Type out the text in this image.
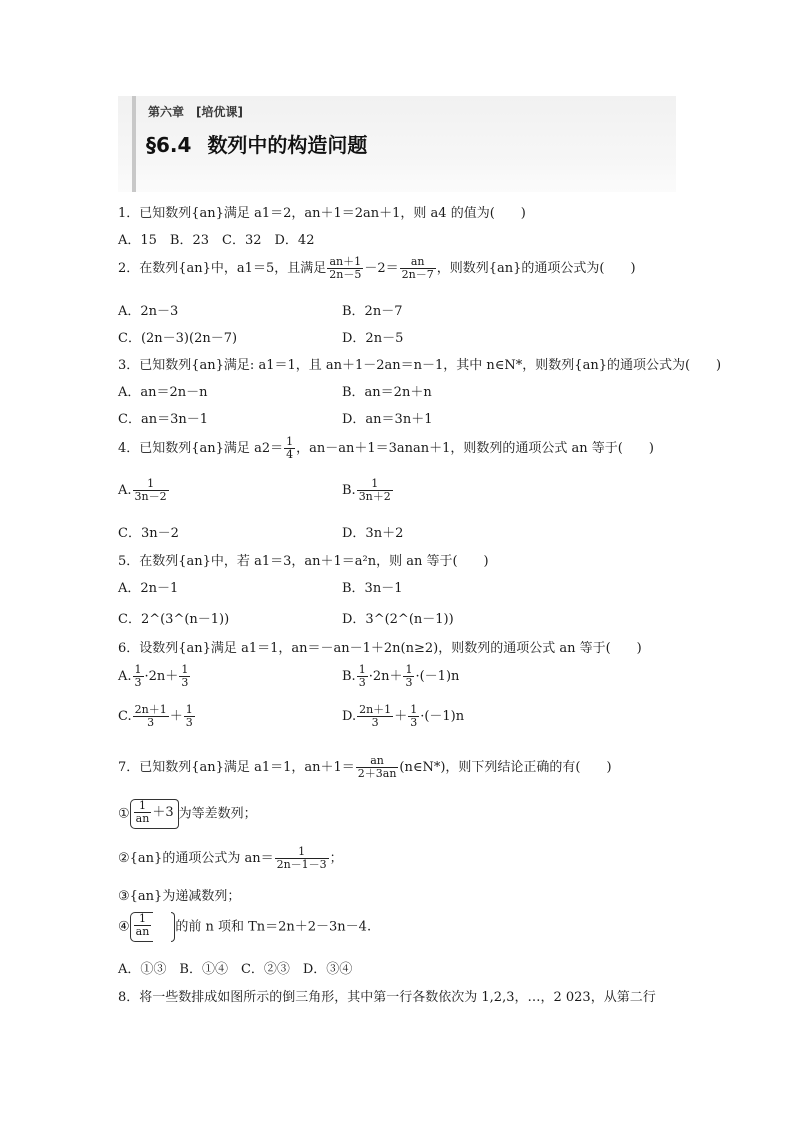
第六章　[培优课]
§6.4 数列中的构造问题
1．已知数列{an}满足 a1＝2，an＋1＝2an＋1，则 a4 的值为(　　)
A．15　B．23　C．32　D．42
2．在数列{an}中，a1＝5，且满足 $\frac{an+1}{2n-5} -2= \frac{an}{2n-7}$ ，则数列{an}的通项公式为(　　)
A．2n－3	B．2n－7
C．(2n－3)(2n－7)	D．2n－5
3．已知数列{an}满足: a1＝1，且 an＋1－2an＝n－1，其中 n∈N*，则数列{an}的通项公式为(　　)
A．an＝2n－n	B．an＝2n＋n
C．an＝3n－1	D．an＝3n＋1
4．已知数列{an}满足 $a2= \frac{1}{4}$ ，an－an＋1＝3anan＋1，则数列的通项公式 an 等于(　　)
A. $\frac{1}{3n-2}$	B. $\frac{1}{3n+2}$
C．3n－2	D．3n＋2
5．在数列{an}中，若 a1＝3，an＋1＝a²n，则 an 等于(　　)
A．2n－1	B．3n－1
C．2^(3^(n－1))	D．3^(2^(n－1))
6．设数列{an}满足 a1＝1，an＝－an－1＋2n(n≥2)，则数列的通项公式 an 等于(　　)
A. $\frac{1}{3} \cdot 2n+ \frac{1}{3}$	B. $\frac{1}{3} \cdot 2n+ \frac{1}{3} \cdot(-1)n$
C. $\frac{2n+1}{3} + \frac{1}{3}$	D. $\frac{2n+1}{3} + \frac{1}{3} \cdot(-1)n$
7．已知数列{an}满足 a1＝1，$an+1= \frac{an}{2+3an}$ (n∈N*)，则下列结论正确的有(　　)
① $\frac{1}{an} +3$ 为等差数列；
②{an}的通项公式为 $an= \frac{1}{2n-1-3}$ ；
③{an}为递减数列；
④ $\frac{1}{an}$ 的前 n 项和 Tn＝2n＋2－3n－4.
A．①③　B．①④　C．②③　D．③④
8．将一些数排成如图所示的倒三角形，其中第一行各数依次为 1,2,3，…，2 023，从第二行
